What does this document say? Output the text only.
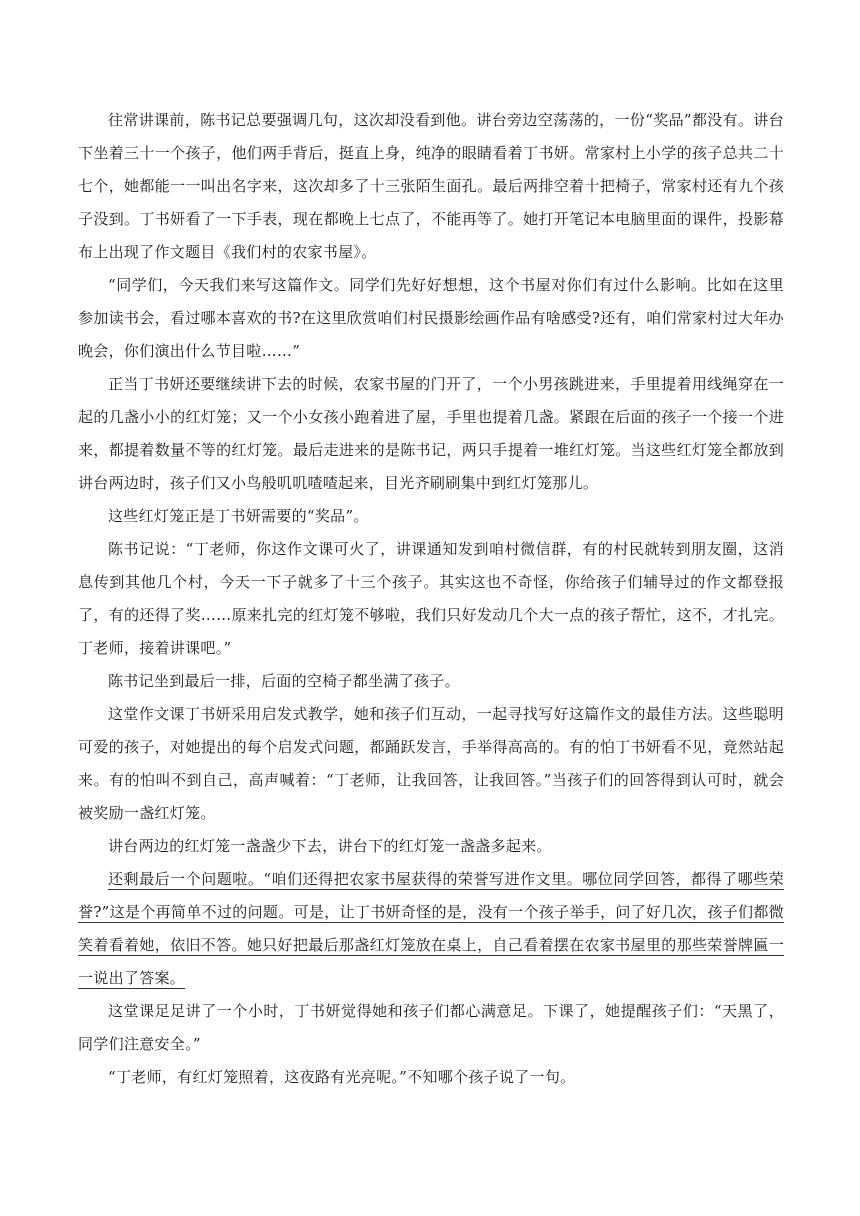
往常讲课前，陈书记总要强调几句，这次却没看到他。讲台旁边空荡荡的，一份“奖品”都没有。讲台下坐着三十一个孩子，他们两手背后，挺直上身，纯净的眼睛看着丁书妍。常家村上小学的孩子总共二十七个，她都能一一叫出名字来，这次却多了十三张陌生面孔。最后两排空着十把椅子，常家村还有九个孩子没到。丁书妍看了一下手表，现在都晚上七点了，不能再等了。她打开笔记本电脑里面的课件，投影幕布上出现了作文题目《我们村的农家书屋》。

“同学们，今天我们来写这篇作文。同学们先好好想想，这个书屋对你们有过什么影响。比如在这里参加读书会，看过哪本喜欢的书?在这里欣赏咱们村民摄影绘画作品有啥感受?还有，咱们常家村过大年办晚会，你们演出什么节目啦……”

正当丁书妍还要继续讲下去的时候，农家书屋的门开了，一个小男孩跳进来，手里提着用线绳穿在一起的几盏小小的红灯笼；又一个小女孩小跑着进了屋，手里也提着几盏。紧跟在后面的孩子一个接一个进来，都提着数量不等的红灯笼。最后走进来的是陈书记，两只手提着一堆红灯笼。当这些红灯笼全都放到讲台两边时，孩子们又小鸟般叽叽喳喳起来，目光齐刷刷集中到红灯笼那儿。

这些红灯笼正是丁书妍需要的“奖品”。

陈书记说：“丁老师，你这作文课可火了，讲课通知发到咱村微信群，有的村民就转到朋友圈，这消息传到其他几个村，今天一下子就多了十三个孩子。其实这也不奇怪，你给孩子们辅导过的作文都登报了，有的还得了奖……原来扎完的红灯笼不够啦，我们只好发动几个大一点的孩子帮忙，这不，才扎完。丁老师，接着讲课吧。”

陈书记坐到最后一排，后面的空椅子都坐满了孩子。

这堂作文课丁书妍采用启发式教学，她和孩子们互动，一起寻找写好这篇作文的最佳方法。这些聪明可爱的孩子，对她提出的每个启发式问题，都踊跃发言，手举得高高的。有的怕丁书妍看不见，竟然站起来。有的怕叫不到自己，高声喊着：“丁老师，让我回答，让我回答。”当孩子们的回答得到认可时，就会被奖励一盏红灯笼。

讲台两边的红灯笼一盏盏少下去，讲台下的红灯笼一盏盏多起来。

还剩最后一个问题啦。“咱们还得把农家书屋获得的荣誉写进作文里。哪位同学回答，都得了哪些荣誉?”这是个再简单不过的问题。可是，让丁书妍奇怪的是，没有一个孩子举手，问了好几次，孩子们都微笑着看着她，依旧不答。她只好把最后那盏红灯笼放在桌上，自己看着摆在农家书屋里的那些荣誉牌匾一一说出了答案。

这堂课足足讲了一个小时，丁书妍觉得她和孩子们都心满意足。下课了，她提醒孩子们：“天黑了，同学们注意安全。”

“丁老师，有红灯笼照着，这夜路有光亮呢。”不知哪个孩子说了一句。
